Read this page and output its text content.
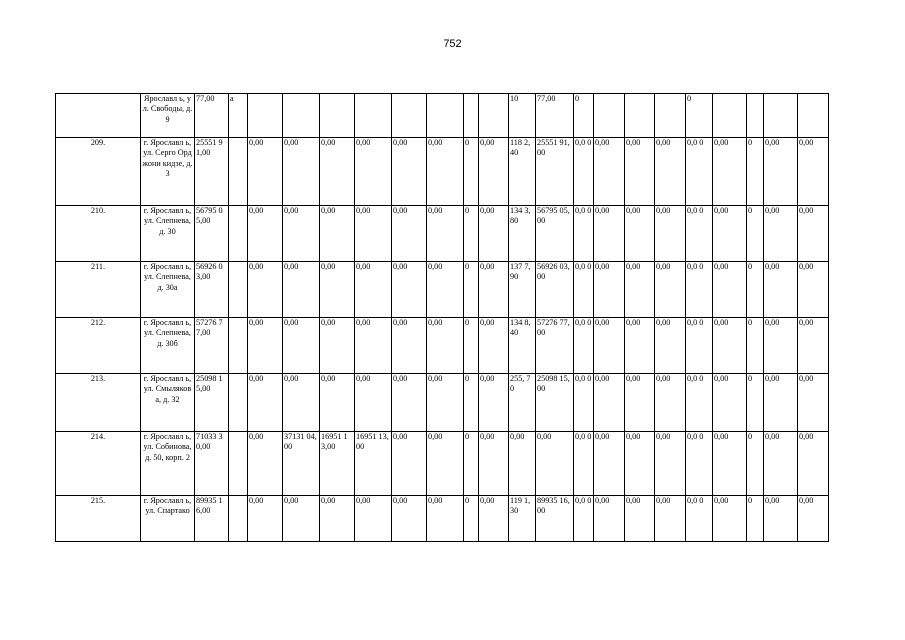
752
	Ярославл ь, ул. Свободы, д. 9	77,00	а									10	77,00	0				0				
209.	г. Ярославл ь, ул. Серго Орджони кидзе, д. 3	25551 91,00		0,00	0,00	0,00	0,00	0,00	0,00	0	0,00	118 2,40	25551 91,00	0,0 0	0,00	0,00	0,00	0,0 0	0,00	0	0,00	0,00
210.	г. Ярославл ь, ул. Слепнева, д. 30	56795 05,00		0,00	0,00	0,00	0,00	0,00	0,00	0	0,00	134 3,80	56795 05,00	0,0 0	0,00	0,00	0,00	0,0 0	0,00	0	0,00	0,00
211.	г. Ярославл ь, ул. Слепнева, д. 30а	56926 03,00		0,00	0,00	0,00	0,00	0,00	0,00	0	0,00	137 7,90	56926 03,00	0,0 0	0,00	0,00	0,00	0,0 0	0,00	0	0,00	0,00
212.	г. Ярославл ь, ул. Слепнева, д. 30б	57276 77,00		0,00	0,00	0,00	0,00	0,00	0,00	0	0,00	134 8,40	57276 77,00	0,0 0	0,00	0,00	0,00	0,0 0	0,00	0	0,00	0,00
213.	г. Ярославл ь, ул. Смыляков а, д. 32	25098 15,00		0,00	0,00	0,00	0,00	0,00	0,00	0	0,00	255, 70	25098 15,00	0,0 0	0,00	0,00	0,00	0,0 0	0,00	0	0,00	0,00
214.	г. Ярославл ь, ул. Собинова, д. 50, корп. 2	71033 30,00		0,00	37131 04,00	16951 13,00	16951 13,00	0,00	0,00	0	0,00	0,00	0,00	0,0 0	0,00	0,00	0,00	0,0 0	0,00	0	0,00	0,00
215.	г. Ярославл ь, ул. Спартако	89935 16,00		0,00	0,00	0,00	0,00	0,00	0,00	0	0,00	119 1,30	89935 16,00	0,0 0	0,00	0,00	0,00	0,0 0	0,00	0	0,00	0,00
